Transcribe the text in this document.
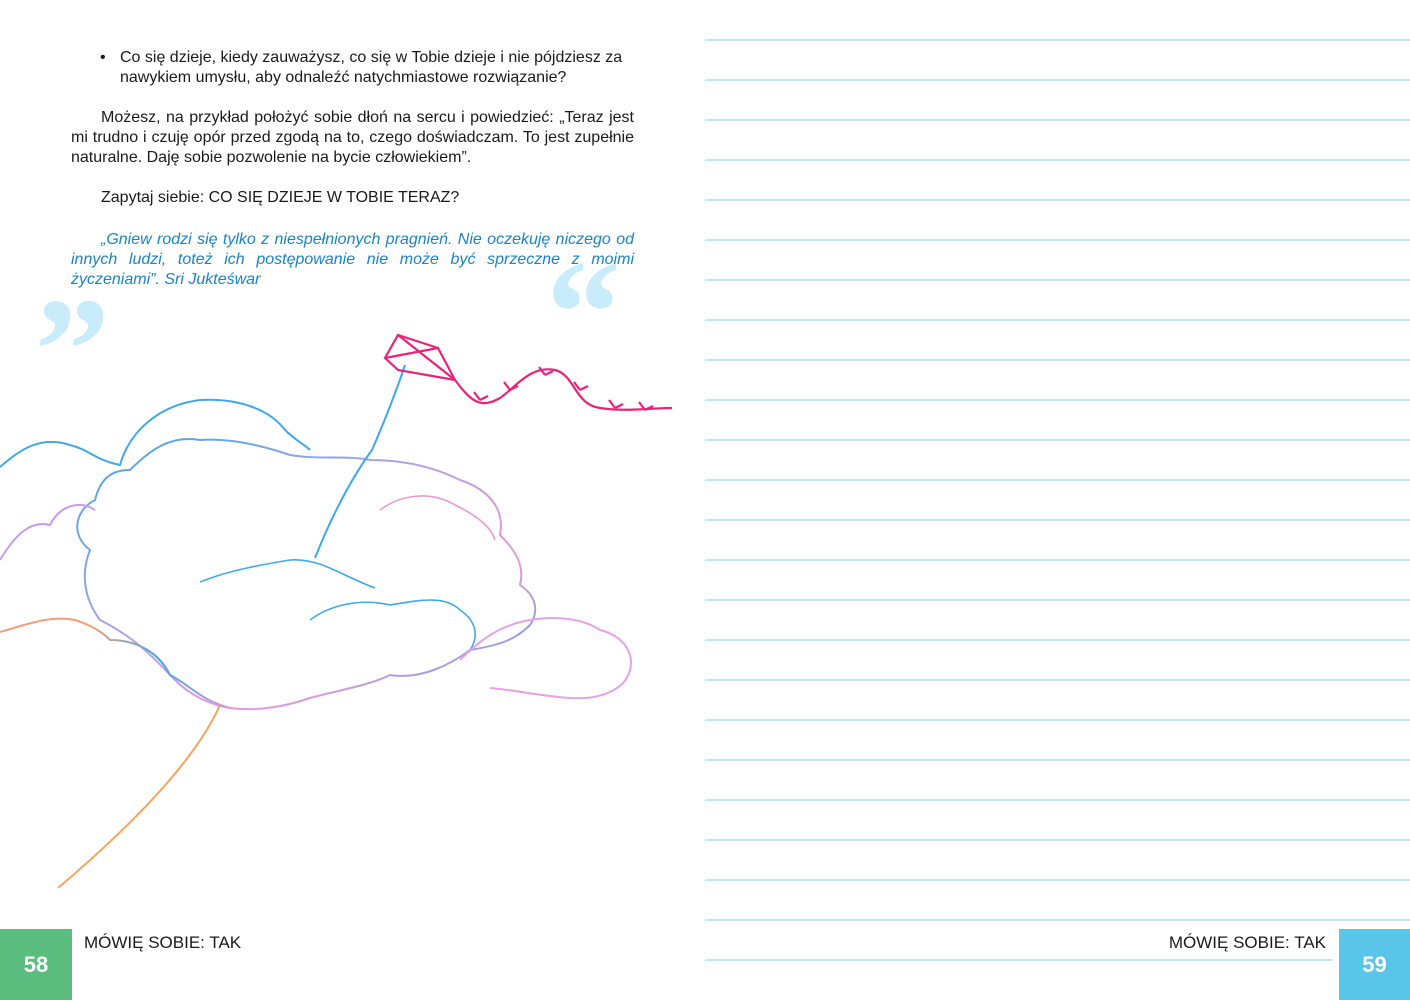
• Co się dzieje, kiedy zauważysz, co się w Tobie dzieje i nie pójdziesz za nawykiem umysłu, aby odnaleźć natychmiastowe rozwiązanie?
Możesz, na przykład położyć sobie dłoń na sercu i powiedzieć: „Teraz jest mi trudno i czuję opór przed zgodą na to, czego doświadczam. To jest zupełnie naturalne. Daję sobie pozwolenie na bycie człowiekiem”.
Zapytaj siebie: CO SIĘ DZIEJE W TOBIE TERAZ?
„	“
„Gniew rodzi się tylko z niespełnionych pragnień. Nie oczekuję niczego od innych ludzi, toteż ich postępowanie nie może być sprzeczne z moimi życzeniami”. Sri Jukteśwar
58
MÓWIĘ SOBIE: TAK
59
MÓWIĘ SOBIE: TAK
